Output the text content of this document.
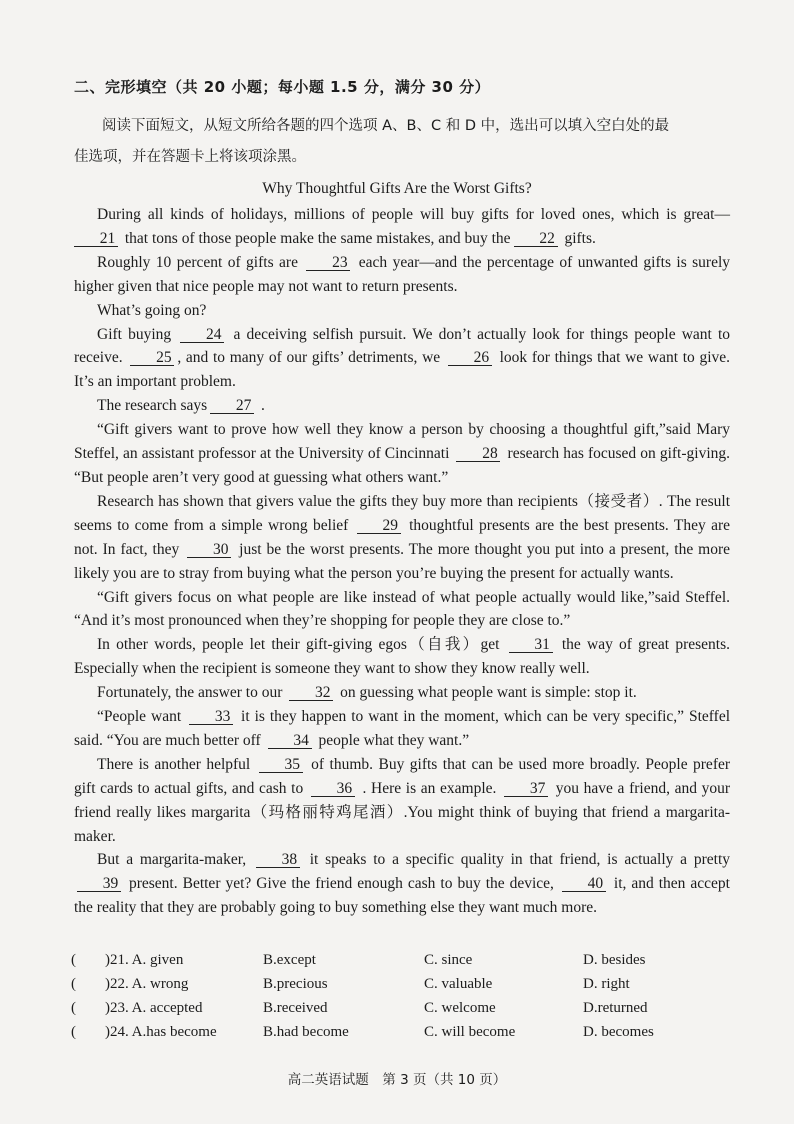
二、完形填空（共 20 小题；每小题 1.5 分，满分 30 分）
阅读下面短文，从短文所给各题的四个选项 A、B、C 和 D 中，选出可以填入空白处的最
佳选项，并在答题卡上将该项涂黑。
Why Thoughtful Gifts Are the Worst Gifts?

During all kinds of holidays, millions of people will buy gifts for loved ones, which is great— 21 that tons of those people make the same mistakes, and buy the 22 gifts.

Roughly 10 percent of gifts are 23 each year—and the percentage of unwanted gifts is surely higher given that nice people may not want to return presents.

What’s going on?

Gift buying 24 a deceiving selfish pursuit. We don’t actually look for things people want to receive. 25 , and to many of our gifts’ detriments, we 26 look for things that we want to give. It’s an important problem.

The research says 27 .

“Gift givers want to prove how well they know a person by choosing a thoughtful gift,”said Mary Steffel, an assistant professor at the University of Cincinnati 28 research has focused on gift-giving. “But people aren’t very good at guessing what others want.”

Research has shown that givers value the gifts they buy more than recipients（接受者）. The result seems to come from a simple wrong belief 29 thoughtful presents are the best presents. They are not. In fact, they 30 just be the worst presents. The more thought you put into a present, the more likely you are to stray from buying what the person you’re buying the present for actually wants.

“Gift givers focus on what people are like instead of what people actually would like,”said Steffel. “And it’s most pronounced when they’re shopping for people they are close to.”

In other words, people let their gift-giving egos（自我）get 31 the way of great presents. Especially when the recipient is someone they want to show they know really well.

Fortunately, the answer to our 32 on guessing what people want is simple: stop it.

“People want 33 it is they happen to want in the moment, which can be very specific,” Steffel said. “You are much better off 34 people what they want.”

There is another helpful 35 of thumb. Buy gifts that can be used more broadly. People prefer gift cards to actual gifts, and cash to 36 . Here is an example. 37 you have a friend, and your friend really likes margarita（玛格丽特鸡尾酒）.You might think of buying that friend a margarita-maker.

But a margarita-maker, 38 it speaks to a specific quality in that friend, is actually a pretty 39 present. Better yet? Give the friend enough cash to buy the device, 40 it, and then accept the reality that they are probably going to buy something else they want much more.

( )21. A. given	B.except	C. since	D. besides
( )22. A. wrong	B.precious	C. valuable	D. right
( )23. A. accepted	B.received	C. welcome	D.returned
( )24. A.has become	B.had become	C. will become	D. becomes
高二英语试题　第 3 页（共 10 页）
